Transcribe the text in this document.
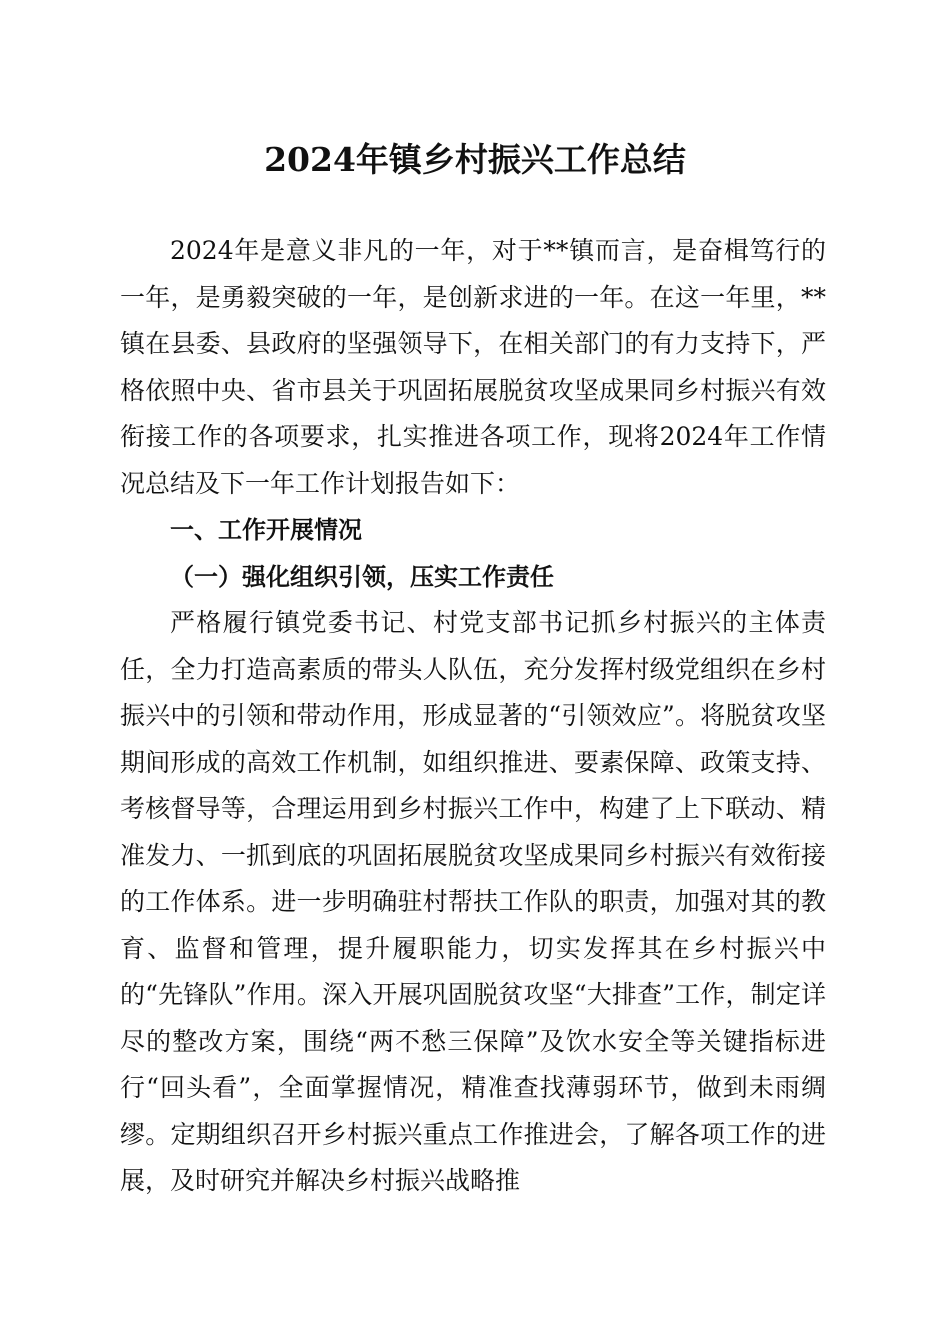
2024年镇乡村振兴工作总结

2024年是意义非凡的一年，对于**镇而言，是奋楫笃行的一年，是勇毅突破的一年，是创新求进的一年。在这一年里，**镇在县委、县政府的坚强领导下，在相关部门的有力支持下，严格依照中央、省市县关于巩固拓展脱贫攻坚成果同乡村振兴有效衔接工作的各项要求，扎实推进各项工作，现将2024年工作情况总结及下一年工作计划报告如下：

一、工作开展情况

（一）强化组织引领，压实工作责任

严格履行镇党委书记、村党支部书记抓乡村振兴的主体责任，全力打造高素质的带头人队伍，充分发挥村级党组织在乡村振兴中的引领和带动作用，形成显著的“引领效应”。将脱贫攻坚期间形成的高效工作机制，如组织推进、要素保障、政策支持、考核督导等，合理运用到乡村振兴工作中，构建了上下联动、精准发力、一抓到底的巩固拓展脱贫攻坚成果同乡村振兴有效衔接的工作体系。进一步明确驻村帮扶工作队的职责，加强对其的教育、监督和管理，提升履职能力，切实发挥其在乡村振兴中的“先锋队”作用。深入开展巩固脱贫攻坚“大排查”工作，制定详尽的整改方案，围绕“两不愁三保障”及饮水安全等关键指标进行“回头看”，全面掌握情况，精准查找薄弱环节，做到未雨绸缪。定期组织召开乡村振兴重点工作推进会，了解各项工作的进展，及时研究并解决乡村振兴战略推
